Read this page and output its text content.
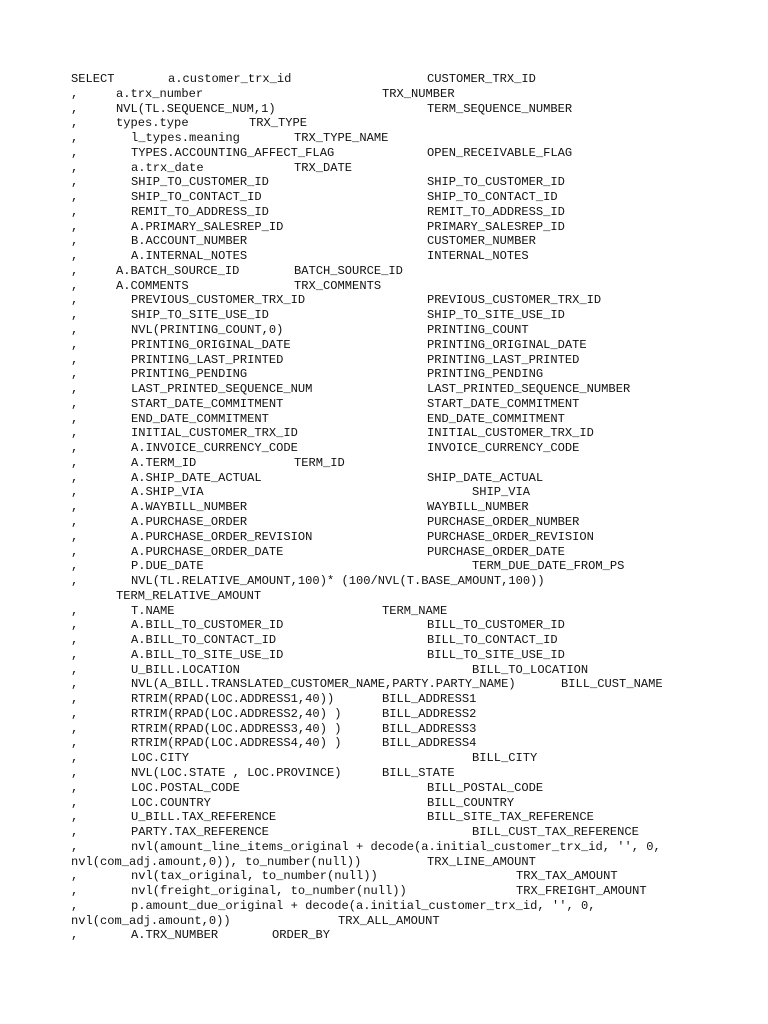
SELECT	a.customer_trx_id	CUSTOMER_TRX_ID
,	a.trx_number	TRX_NUMBER
,	NVL(TL.SEQUENCE_NUM,1)	TERM_SEQUENCE_NUMBER
,	types.type	TRX_TYPE
,	l_types.meaning	TRX_TYPE_NAME
,	TYPES.ACCOUNTING_AFFECT_FLAG	OPEN_RECEIVABLE_FLAG
,	a.trx_date	TRX_DATE
,	SHIP_TO_CUSTOMER_ID	SHIP_TO_CUSTOMER_ID
,	SHIP_TO_CONTACT_ID	SHIP_TO_CONTACT_ID
,	REMIT_TO_ADDRESS_ID	REMIT_TO_ADDRESS_ID
,	A.PRIMARY_SALESREP_ID	PRIMARY_SALESREP_ID
,	B.ACCOUNT_NUMBER	CUSTOMER_NUMBER
,	A.INTERNAL_NOTES	INTERNAL_NOTES
,	A.BATCH_SOURCE_ID	BATCH_SOURCE_ID
,	A.COMMENTS	TRX_COMMENTS
,	PREVIOUS_CUSTOMER_TRX_ID	PREVIOUS_CUSTOMER_TRX_ID
,	SHIP_TO_SITE_USE_ID	SHIP_TO_SITE_USE_ID
,	NVL(PRINTING_COUNT,0)	PRINTING_COUNT
,	PRINTING_ORIGINAL_DATE	PRINTING_ORIGINAL_DATE
,	PRINTING_LAST_PRINTED	PRINTING_LAST_PRINTED
,	PRINTING_PENDING	PRINTING_PENDING
,	LAST_PRINTED_SEQUENCE_NUM	LAST_PRINTED_SEQUENCE_NUMBER
,	START_DATE_COMMITMENT	START_DATE_COMMITMENT
,	END_DATE_COMMITMENT	END_DATE_COMMITMENT
,	INITIAL_CUSTOMER_TRX_ID	INITIAL_CUSTOMER_TRX_ID
,	A.INVOICE_CURRENCY_CODE	INVOICE_CURRENCY_CODE
,	A.TERM_ID	TERM_ID
,	A.SHIP_DATE_ACTUAL	SHIP_DATE_ACTUAL
,	A.SHIP_VIA	SHIP_VIA
,	A.WAYBILL_NUMBER	WAYBILL_NUMBER
,	A.PURCHASE_ORDER	PURCHASE_ORDER_NUMBER
,	A.PURCHASE_ORDER_REVISION	PURCHASE_ORDER_REVISION
,	A.PURCHASE_ORDER_DATE	PURCHASE_ORDER_DATE
,	P.DUE_DATE	TERM_DUE_DATE_FROM_PS
,	NVL(TL.RELATIVE_AMOUNT,100)* (100/NVL(T.BASE_AMOUNT,100))
TERM_RELATIVE_AMOUNT
,	T.NAME	TERM_NAME
,	A.BILL_TO_CUSTOMER_ID	BILL_TO_CUSTOMER_ID
,	A.BILL_TO_CONTACT_ID	BILL_TO_CONTACT_ID
,	A.BILL_TO_SITE_USE_ID	BILL_TO_SITE_USE_ID
,	U_BILL.LOCATION	BILL_TO_LOCATION
,	NVL(A_BILL.TRANSLATED_CUSTOMER_NAME,PARTY.PARTY_NAME)	BILL_CUST_NAME
,	RTRIM(RPAD(LOC.ADDRESS1,40))	BILL_ADDRESS1
,	RTRIM(RPAD(LOC.ADDRESS2,40) )	BILL_ADDRESS2
,	RTRIM(RPAD(LOC.ADDRESS3,40) )	BILL_ADDRESS3
,	RTRIM(RPAD(LOC.ADDRESS4,40) )	BILL_ADDRESS4
,	LOC.CITY	BILL_CITY
,	NVL(LOC.STATE , LOC.PROVINCE)	BILL_STATE
,	LOC.POSTAL_CODE	BILL_POSTAL_CODE
,	LOC.COUNTRY	BILL_COUNTRY
,	U_BILL.TAX_REFERENCE	BILL_SITE_TAX_REFERENCE
,	PARTY.TAX_REFERENCE	BILL_CUST_TAX_REFERENCE
,	nvl(amount_line_items_original + decode(a.initial_customer_trx_id, '', 0,
nvl(com_adj.amount,0)), to_number(null))	TRX_LINE_AMOUNT
,	nvl(tax_original, to_number(null))	TRX_TAX_AMOUNT
,	nvl(freight_original, to_number(null))	TRX_FREIGHT_AMOUNT
,	p.amount_due_original + decode(a.initial_customer_trx_id, '', 0,
nvl(com_adj.amount,0))	TRX_ALL_AMOUNT
,	A.TRX_NUMBER	ORDER_BY
